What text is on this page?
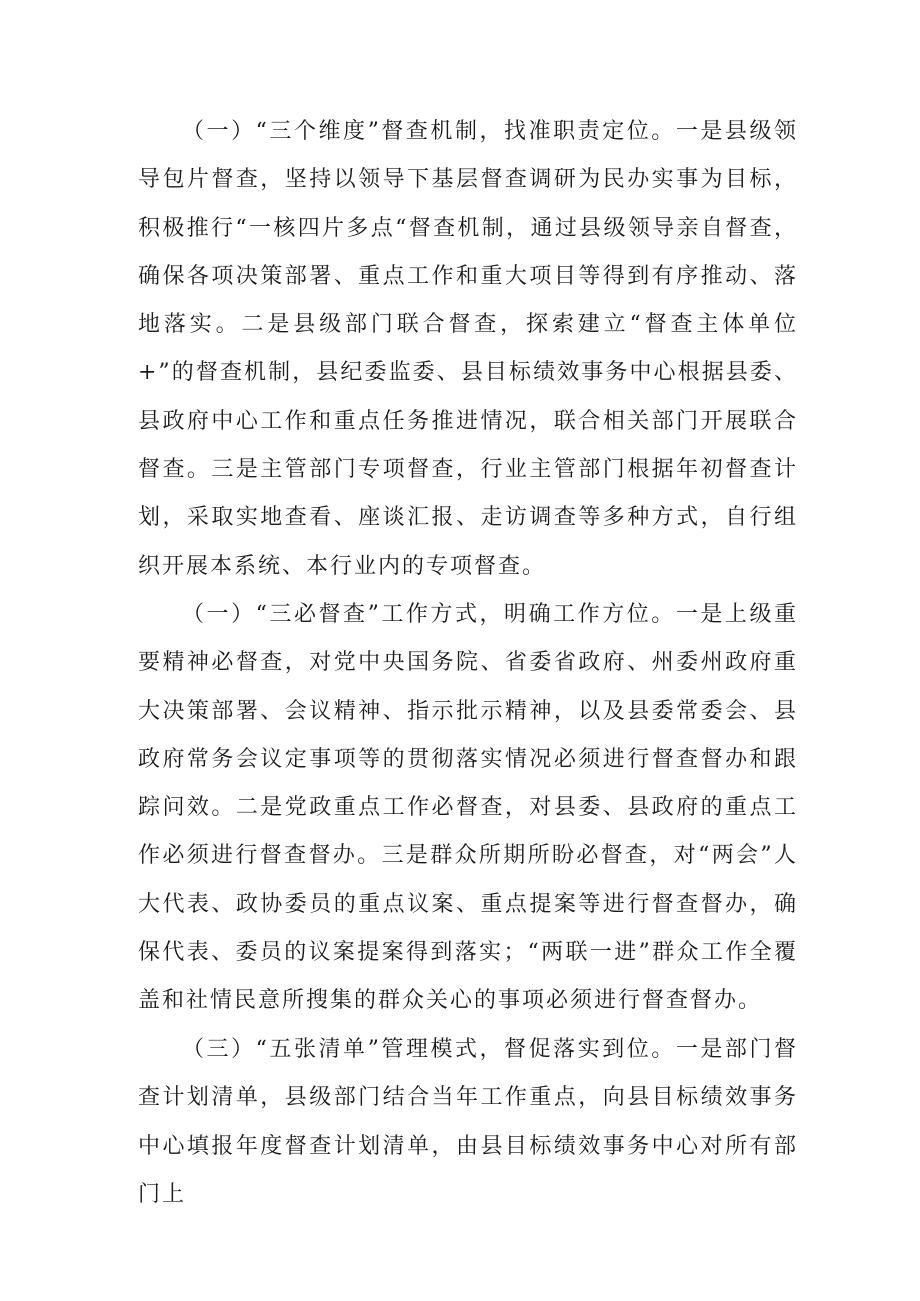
（一）“三个维度”督查机制，找准职责定位。一是县级领导包片督查，坚持以领导下基层督查调研为民办实事为目标，积极推行“一核四片多点“督查机制，通过县级领导亲自督查，确保各项决策部署、重点工作和重大项目等得到有序推动、落地落实。二是县级部门联合督查，探索建立“督查主体单位+”的督查机制，县纪委监委、县目标绩效事务中心根据县委、县政府中心工作和重点任务推进情况，联合相关部门开展联合督查。三是主管部门专项督查，行业主管部门根据年初督查计划，采取实地查看、座谈汇报、走访调查等多种方式，自行组织开展本系统、本行业内的专项督查。

（一）“三必督查”工作方式，明确工作方位。一是上级重要精神必督查，对党中央国务院、省委省政府、州委州政府重大决策部署、会议精神、指示批示精神，以及县委常委会、县政府常务会议定事项等的贯彻落实情况必须进行督查督办和跟踪问效。二是党政重点工作必督查，对县委、县政府的重点工作必须进行督查督办。三是群众所期所盼必督查，对“两会”人大代表、政协委员的重点议案、重点提案等进行督查督办，确保代表、委员的议案提案得到落实；“两联一进”群众工作全覆盖和社情民意所搜集的群众关心的事项必须进行督查督办。

（三）“五张清单”管理模式，督促落实到位。一是部门督查计划清单，县级部门结合当年工作重点，向县目标绩效事务中心填报年度督查计划清单，由县目标绩效事务中心对所有部门上
